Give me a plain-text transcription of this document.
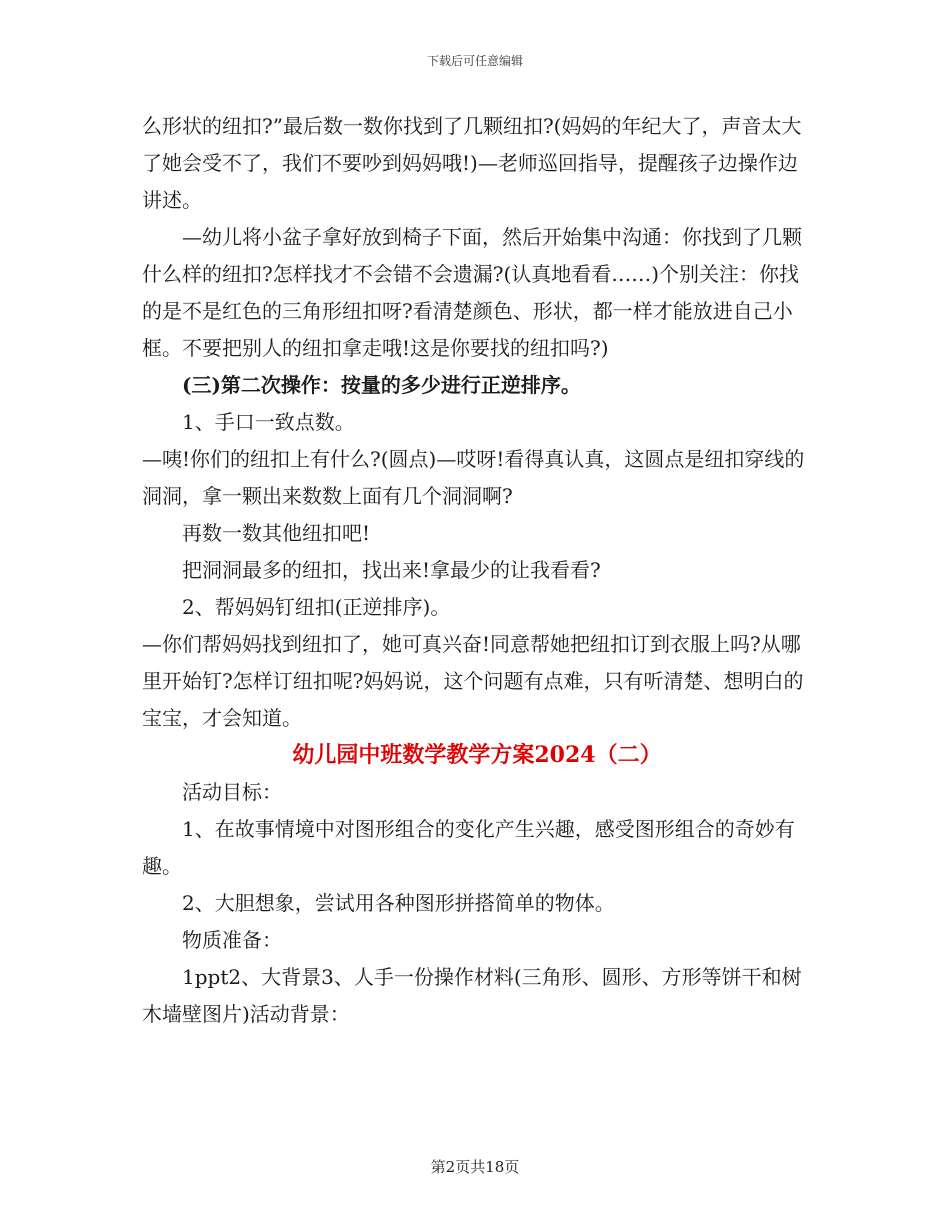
下载后可任意编辑

么形状的纽扣?”最后数一数你找到了几颗纽扣?(妈妈的年纪大了，声音太大了她会受不了，我们不要吵到妈妈哦!)—老师巡回指导，提醒孩子边操作边讲述。

—幼儿将小盆子拿好放到椅子下面，然后开始集中沟通：你找到了几颗什么样的纽扣?怎样找才不会错不会遗漏?(认真地看看……)个别关注：你找的是不是红色的三角形纽扣呀?看清楚颜色、形状，都一样才能放进自己小框。不要把别人的纽扣拿走哦!这是你要找的纽扣吗?)

(三)第二次操作：按量的多少进行正逆排序。

1、手口一致点数。

—咦!你们的纽扣上有什么?(圆点)—哎呀!看得真认真，这圆点是纽扣穿线的洞洞，拿一颗出来数数上面有几个洞洞啊?

再数一数其他纽扣吧!

把洞洞最多的纽扣，找出来!拿最少的让我看看?

2、帮妈妈钉纽扣(正逆排序)。

—你们帮妈妈找到纽扣了，她可真兴奋!同意帮她把纽扣订到衣服上吗?从哪里开始钉?怎样订纽扣呢?妈妈说，这个问题有点难，只有听清楚、想明白的宝宝，才会知道。

幼儿园中班数学教学方案2024（二）

活动目标：

1、在故事情境中对图形组合的变化产生兴趣，感受图形组合的奇妙有趣。

2、大胆想象，尝试用各种图形拼搭简单的物体。

物质准备：

1ppt2、大背景3、人手一份操作材料(三角形、圆形、方形等饼干和树木墙壁图片)活动背景：

第2页共18页
